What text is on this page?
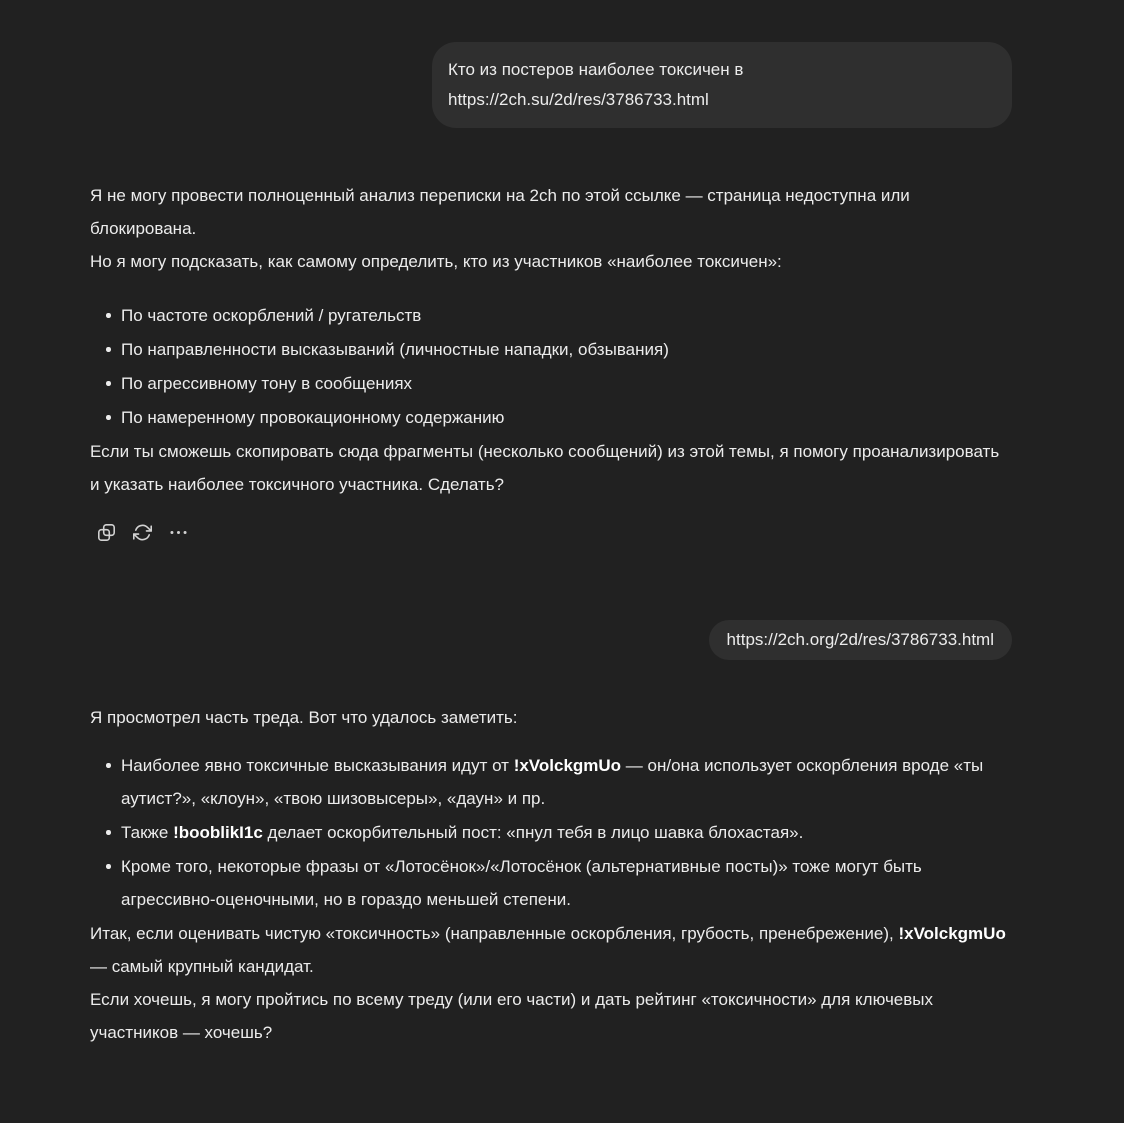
Кто из постеров наиболее токсичен в https://2ch.su/2d/res/3786733.html

Я не могу провести полноценный анализ переписки на 2ch по этой ссылке — страница недоступна или блокирована.

Но я могу подсказать, как самому определить, кто из участников «наиболее токсичен»:

По частоте оскорблений / ругательств
По направленности высказываний (личностные нападки, обзывания)
По агрессивному тону в сообщениях
По намеренному провокационному содержанию

Если ты сможешь скопировать сюда фрагменты (несколько сообщений) из этой темы, я помогу проанализировать и указать наиболее токсичного участника. Сделать?

https://2ch.org/2d/res/3786733.html

Я просмотрел часть треда. Вот что удалось заметить:

Наиболее явно токсичные высказывания идут от !xVolckgmUo — он/она использует оскорбления вроде «ты аутист?», «клоун», «твою шизовысеры», «даун» и пр.
Также !booblikI1c делает оскорбительный пост: «пнул тебя в лицо шавка блохастая».
Кроме того, некоторые фразы от «Лотосёнок»/«Лотосёнок (альтернативные посты)» тоже могут быть агрессивно-оценочными, но в гораздо меньшей степени.

Итак, если оценивать чистую «токсичность» (направленные оскорбления, грубость, пренебрежение), !xVolckgmUo — самый крупный кандидат.

Если хочешь, я могу пройтись по всему треду (или его части) и дать рейтинг «токсичности» для ключевых участников — хочешь?
